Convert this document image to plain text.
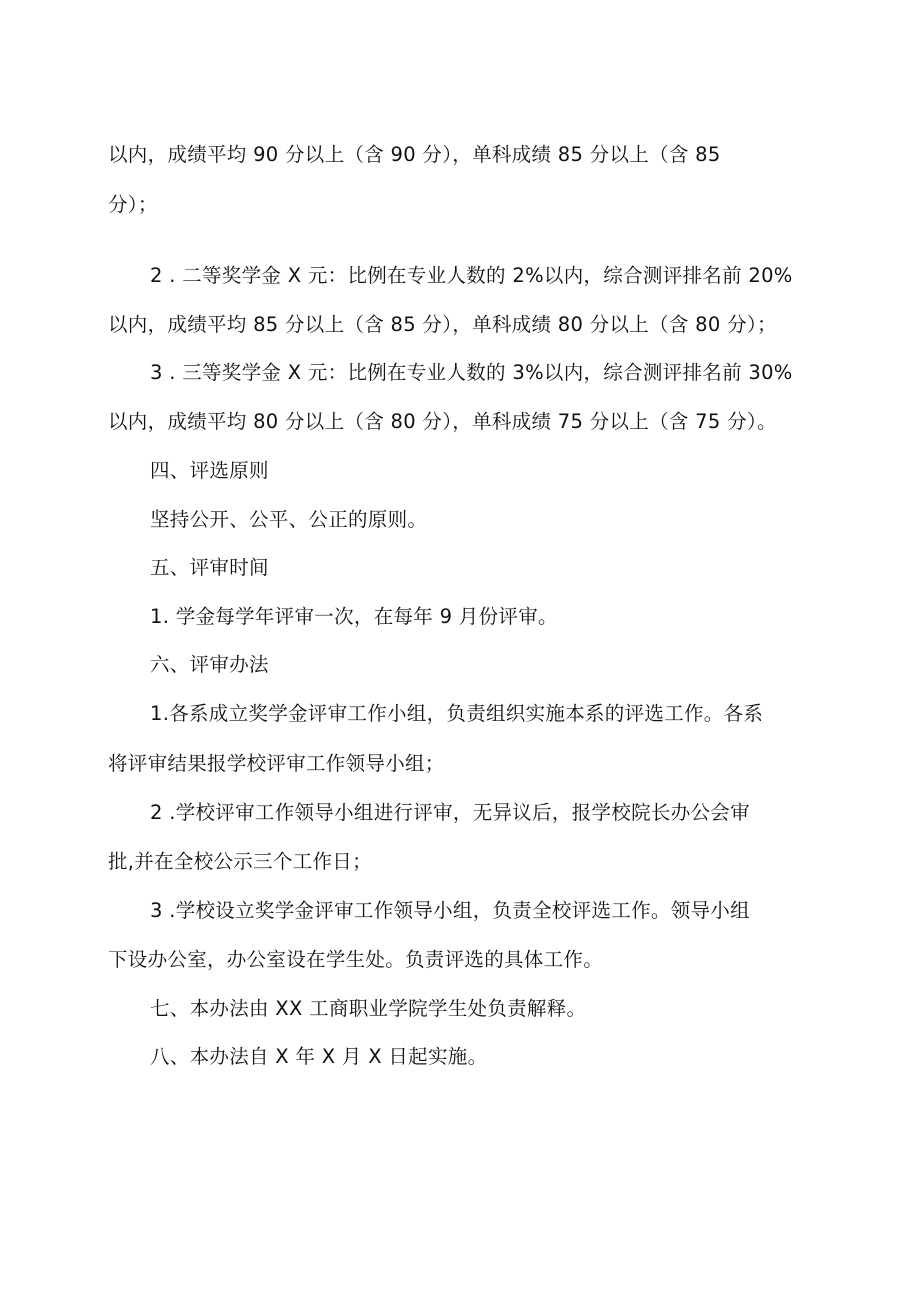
以内，成绩平均 90 分以上（含 90 分），单科成绩 85 分以上（含 85
分）；
2 . 二等奖学金 X 元：比例在专业人数的 2%以内，综合测评排名前 20%
以内，成绩平均 85 分以上（含 85 分），单科成绩 80 分以上（含 80 分）；
3 . 三等奖学金 X 元：比例在专业人数的 3%以内，综合测评排名前 30%
以内，成绩平均 80 分以上（含 80 分），单科成绩 75 分以上（含 75 分）。
四、评选原则
坚持公开、公平、公正的原则。
五、评审时间
1. 学金每学年评审一次，在每年 9 月份评审。
六、评审办法
1.各系成立奖学金评审工作小组，负责组织实施本系的评选工作。各系
将评审结果报学校评审工作领导小组；
2 .学校评审工作领导小组进行评审，无异议后，报学校院长办公会审
批,并在全校公示三个工作日；
3 .学校设立奖学金评审工作领导小组，负责全校评选工作。领导小组
下设办公室，办公室设在学生处。负责评选的具体工作。
七、本办法由 XX 工商职业学院学生处负责解释。
八、本办法自 X 年 X 月 X 日起实施。
